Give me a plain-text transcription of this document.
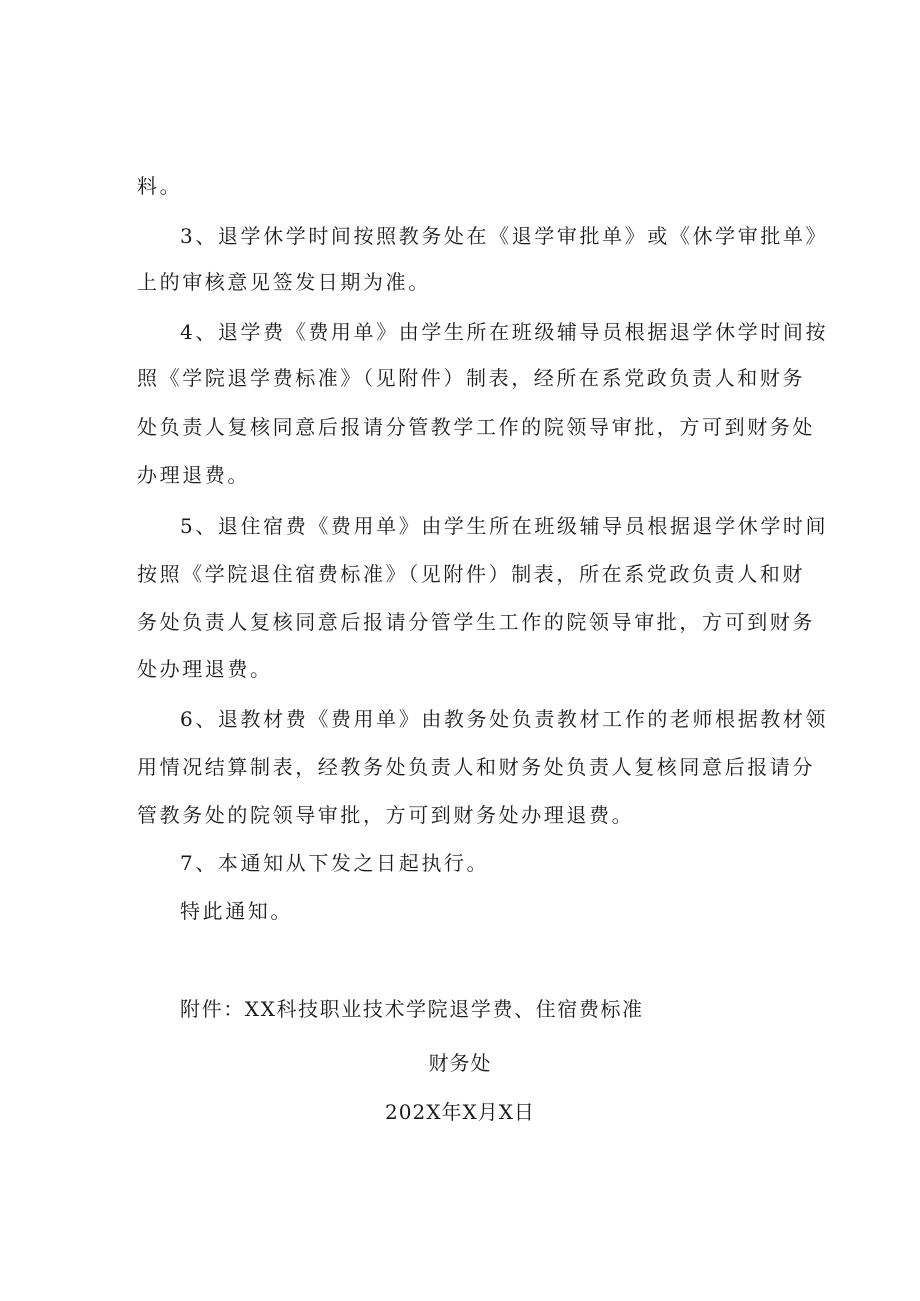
料。
3、退学休学时间按照教务处在《退学审批单》或《休学审批单》
上的审核意见签发日期为准。
4、退学费《费用单》由学生所在班级辅导员根据退学休学时间按
照《学院退学费标准》（见附件）制表，经所在系党政负责人和财务
处负责人复核同意后报请分管教学工作的院领导审批，方可到财务处
办理退费。
5、退住宿费《费用单》由学生所在班级辅导员根据退学休学时间
按照《学院退住宿费标准》（见附件）制表，所在系党政负责人和财
务处负责人复核同意后报请分管学生工作的院领导审批，方可到财务
处办理退费。
6、退教材费《费用单》由教务处负责教材工作的老师根据教材领
用情况结算制表，经教务处负责人和财务处负责人复核同意后报请分
管教务处的院领导审批，方可到财务处办理退费。
7、本通知从下发之日起执行。
特此通知。
附件：XX科技职业技术学院退学费、住宿费标准
财务处
202X年X月X日
